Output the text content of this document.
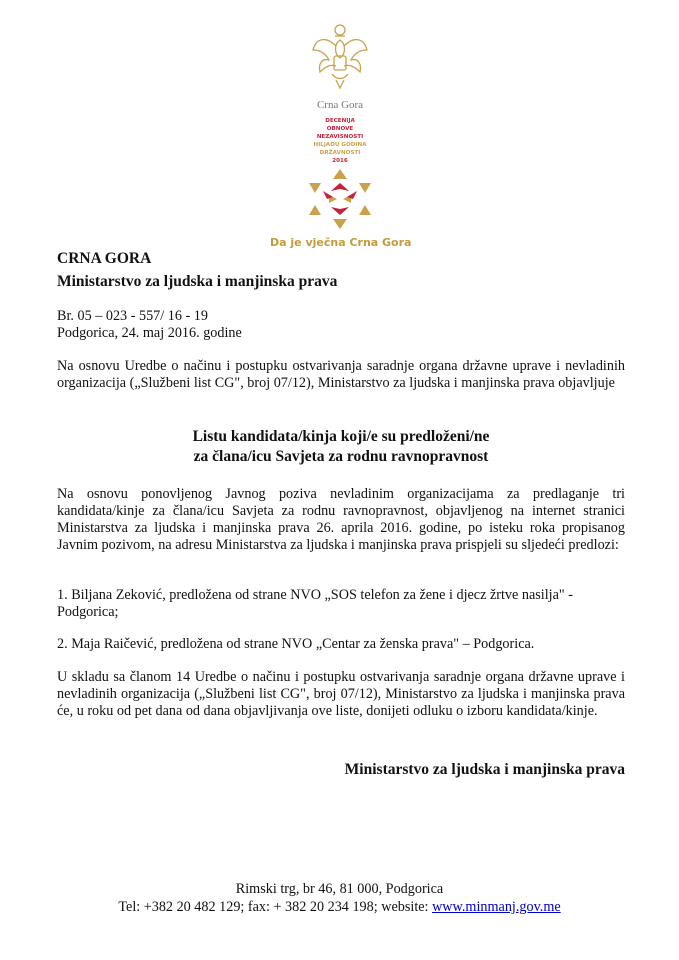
Crna Gora
DECENIJA
OBNOVE
NEZAVISNOSTI
HILJADU GODINA
DRŽAVNOSTI
2016
Da je vječna Crna Gora
CRNA GORA
Ministarstvo za ljudska i manjinska prava
Br. 05 – 023 - 557/ 16 - 19
Podgorica, 24. maj 2016. godine
Na osnovu Uredbe o načinu i postupku ostvarivanja saradnje organa državne uprave i nevladinih organizacija („Službeni list CG", broj 07/12), Ministarstvo za ljudska i manjinska prava objavljuje
Listu kandidata/kinja koji/e su predloženi/ne
za člana/icu Savjeta za rodnu ravnopravnost
Na osnovu ponovljenog Javnog poziva nevladinim organizacijama za predlaganje tri kandidata/kinje za člana/icu Savjeta za rodnu ravnopravnost, objavljenog na internet stranici Ministarstva za ljudska i manjinska prava 26. aprila 2016. godine, po isteku roka propisanog Javnim pozivom, na adresu Ministarstva za ljudska i manjinska prava prispjeli su sljedeći predlozi:
1. Biljana Zeković, predložena od strane NVO „SOS telefon za žene i djecz žrtve nasilja" - Podgorica;
2. Maja Raičević, predložena od strane NVO „Centar za ženska prava" – Podgorica.
U skladu sa članom 14 Uredbe o načinu i postupku ostvarivanja saradnje organa državne uprave i nevladinih organizacija („Službeni list CG", broj 07/12), Ministarstvo za ljudska i manjinska prava će, u roku od pet dana od dana objavljivanja ove liste, donijeti odluku o izboru kandidata/kinje.
Ministarstvo za ljudska i manjinska prava
Rimski trg, br 46, 81 000, Podgorica
Tel: +382 20 482 129; fax: + 382 20 234 198; website: www.minmanj.gov.me
